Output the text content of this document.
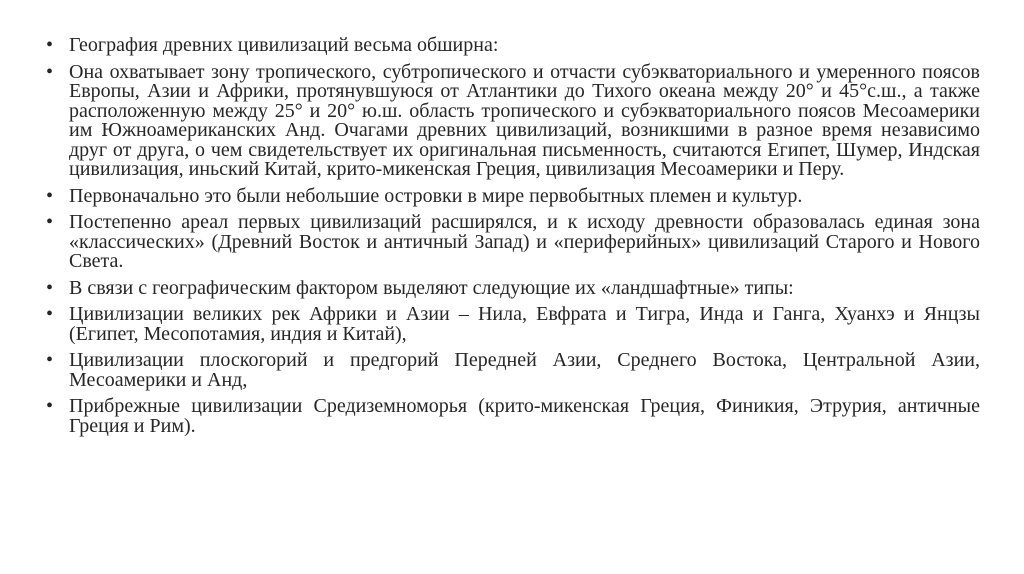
• География древних цивилизаций весьма обширна:
• Она охватывает зону тропического, субтропического и отчасти субэкваториального и умеренного поясов Европы, Азии и Африки, протянувшуюся от Атлантики до Тихого океана между 20° и 45°с.ш., а также расположенную между 25° и 20° ю.ш. область тропического и субэкваториального поясов Месоамерики им Южноамериканских Анд. Очагами древних цивилизаций, возникшими в разное время независимо друг от друга, о чем свидетельствует их оригинальная письменность, считаются Египет, Шумер, Индская цивилизация, иньский Китай, крито-микенская Греция, цивилизация Месоамерики и Перу.
• Первоначально это были небольшие островки в мире первобытных племен и культур.
• Постепенно ареал первых цивилизаций расширялся, и к исходу древности образовалась единая зона «классических» (Древний Восток и античный Запад) и «периферийных» цивилизаций Старого и Нового Света.
• В связи с географическим фактором выделяют следующие их «ландшафтные» типы:
• Цивилизации великих рек Африки и Азии – Нила, Евфрата и Тигра, Инда и Ганга, Хуанхэ и Янцзы (Египет, Месопотамия, индия и Китай),
• Цивилизации плоскогорий и предгорий Передней Азии, Среднего Востока, Центральной Азии, Месоамерики и Анд,
• Прибрежные цивилизации Средиземноморья (крито-микенская Греция, Финикия, Этрурия, античные Греция и Рим).
